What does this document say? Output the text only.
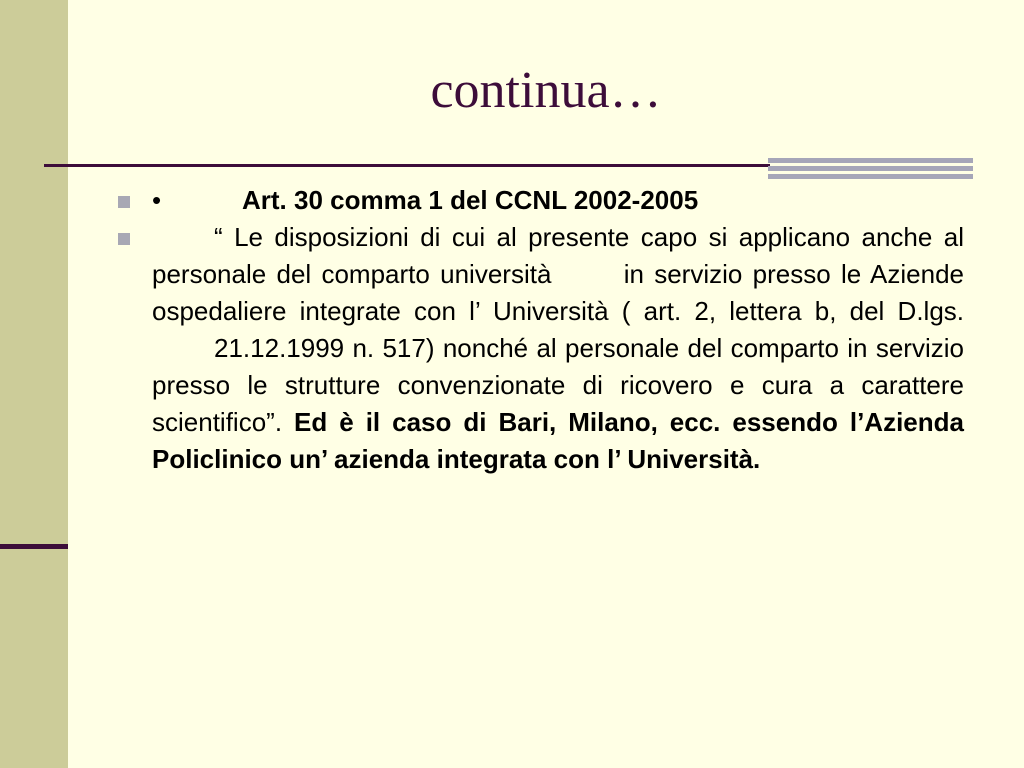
continua…
•	Art. 30 comma 1 del CCNL 2002-2005
“ Le disposizioni di cui al presente capo si applicano anche al personale del comparto università	in servizio presso le Aziende ospedaliere integrate con l’ Università ( art. 2, lettera b, del D.lgs. 21.12.1999 n. 517) nonché al personale del comparto in servizio presso le strutture convenzionate di ricovero e cura a carattere scientifico”. Ed è il caso di Bari, Milano, ecc. essendo l’Azienda Policlinico un’ azienda integrata con l’ Università.
